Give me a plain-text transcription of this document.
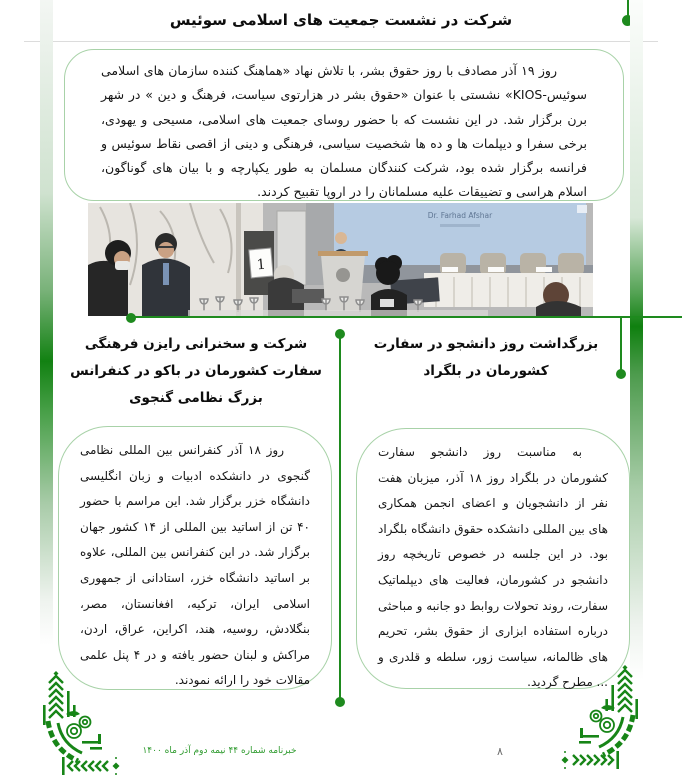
شرکت در نشست جمعیت های اسلامی سوئیس

روز ۱۹ آذر مصادف با روز حقوق بشر، با تلاش نهاد «هماهنگ کننده سازمان های اسلامی سوئیس-KIOS» نشستی با عنوان «حقوق بشر در هزارتوی سیاست، فرهنگ و دین » در شهر برن برگزار شد. در این نشست که با حضور روسای جمعیت های اسلامی، مسیحی و یهودی، برخی سفرا و دیپلمات ها و ده ها شخصیت سیاسی، فرهنگی و دینی از اقصی نقاط سوئیس و فرانسه برگزار شده بود، شرکت کنندگان مسلمان به طور یکپارچه و با بیان های گوناگون، اسلام هراسی و تضییقات علیه مسلمانان را در اروپا تقبیح کردند.

Dr. Farhad Afshar
1
بزرگداشت روز دانشجو در سفارت کشورمان در بلگراد
شرکت و سخنرانی رایزن فرهنگی سفارت کشورمان در باکو در کنفرانس بزرگ نظامی گنجوی

به مناسبت روز دانشجو سفارت کشورمان در بلگراد روز ۱۸ آذر، میزبان هفت نفر از دانشجویان و اعضای انجمن همکاری های بین المللی دانشکده حقوق دانشگاه بلگراد بود. در این جلسه در خصوص تاریخچه روز دانشجو در کشورمان، فعالیت های دیپلماتیک سفارت، روند تحولات روابط دو جانبه و مباحثی درباره استفاده ابزاری از حقوق بشر، تحریم های ظالمانه، سیاست زور، سلطه و قلدری و ... مطرح گردید.

روز ۱۸ آذر کنفرانس بین المللی نظامی گنجوی در دانشکده ادبیات و زبان انگلیسی دانشگاه خزر برگزار شد. این مراسم با حضور ۴۰ تن از اساتید بین المللی از ۱۴ کشور جهان برگزار شد. در این کنفرانس بین المللی، علاوه بر اساتید دانشگاه خزر، استادانی از جمهوری اسلامی ایران، ترکیه، افغانستان، مصر، بنگلادش، روسیه، هند، اکراین، عراق، اردن، مراکش و لبنان حضور یافته و در ۴ پنل علمی مقالات خود را ارائه نمودند.

خبرنامه شماره ۴۴ نیمه دوم آذر ماه ۱۴۰۰	۸
